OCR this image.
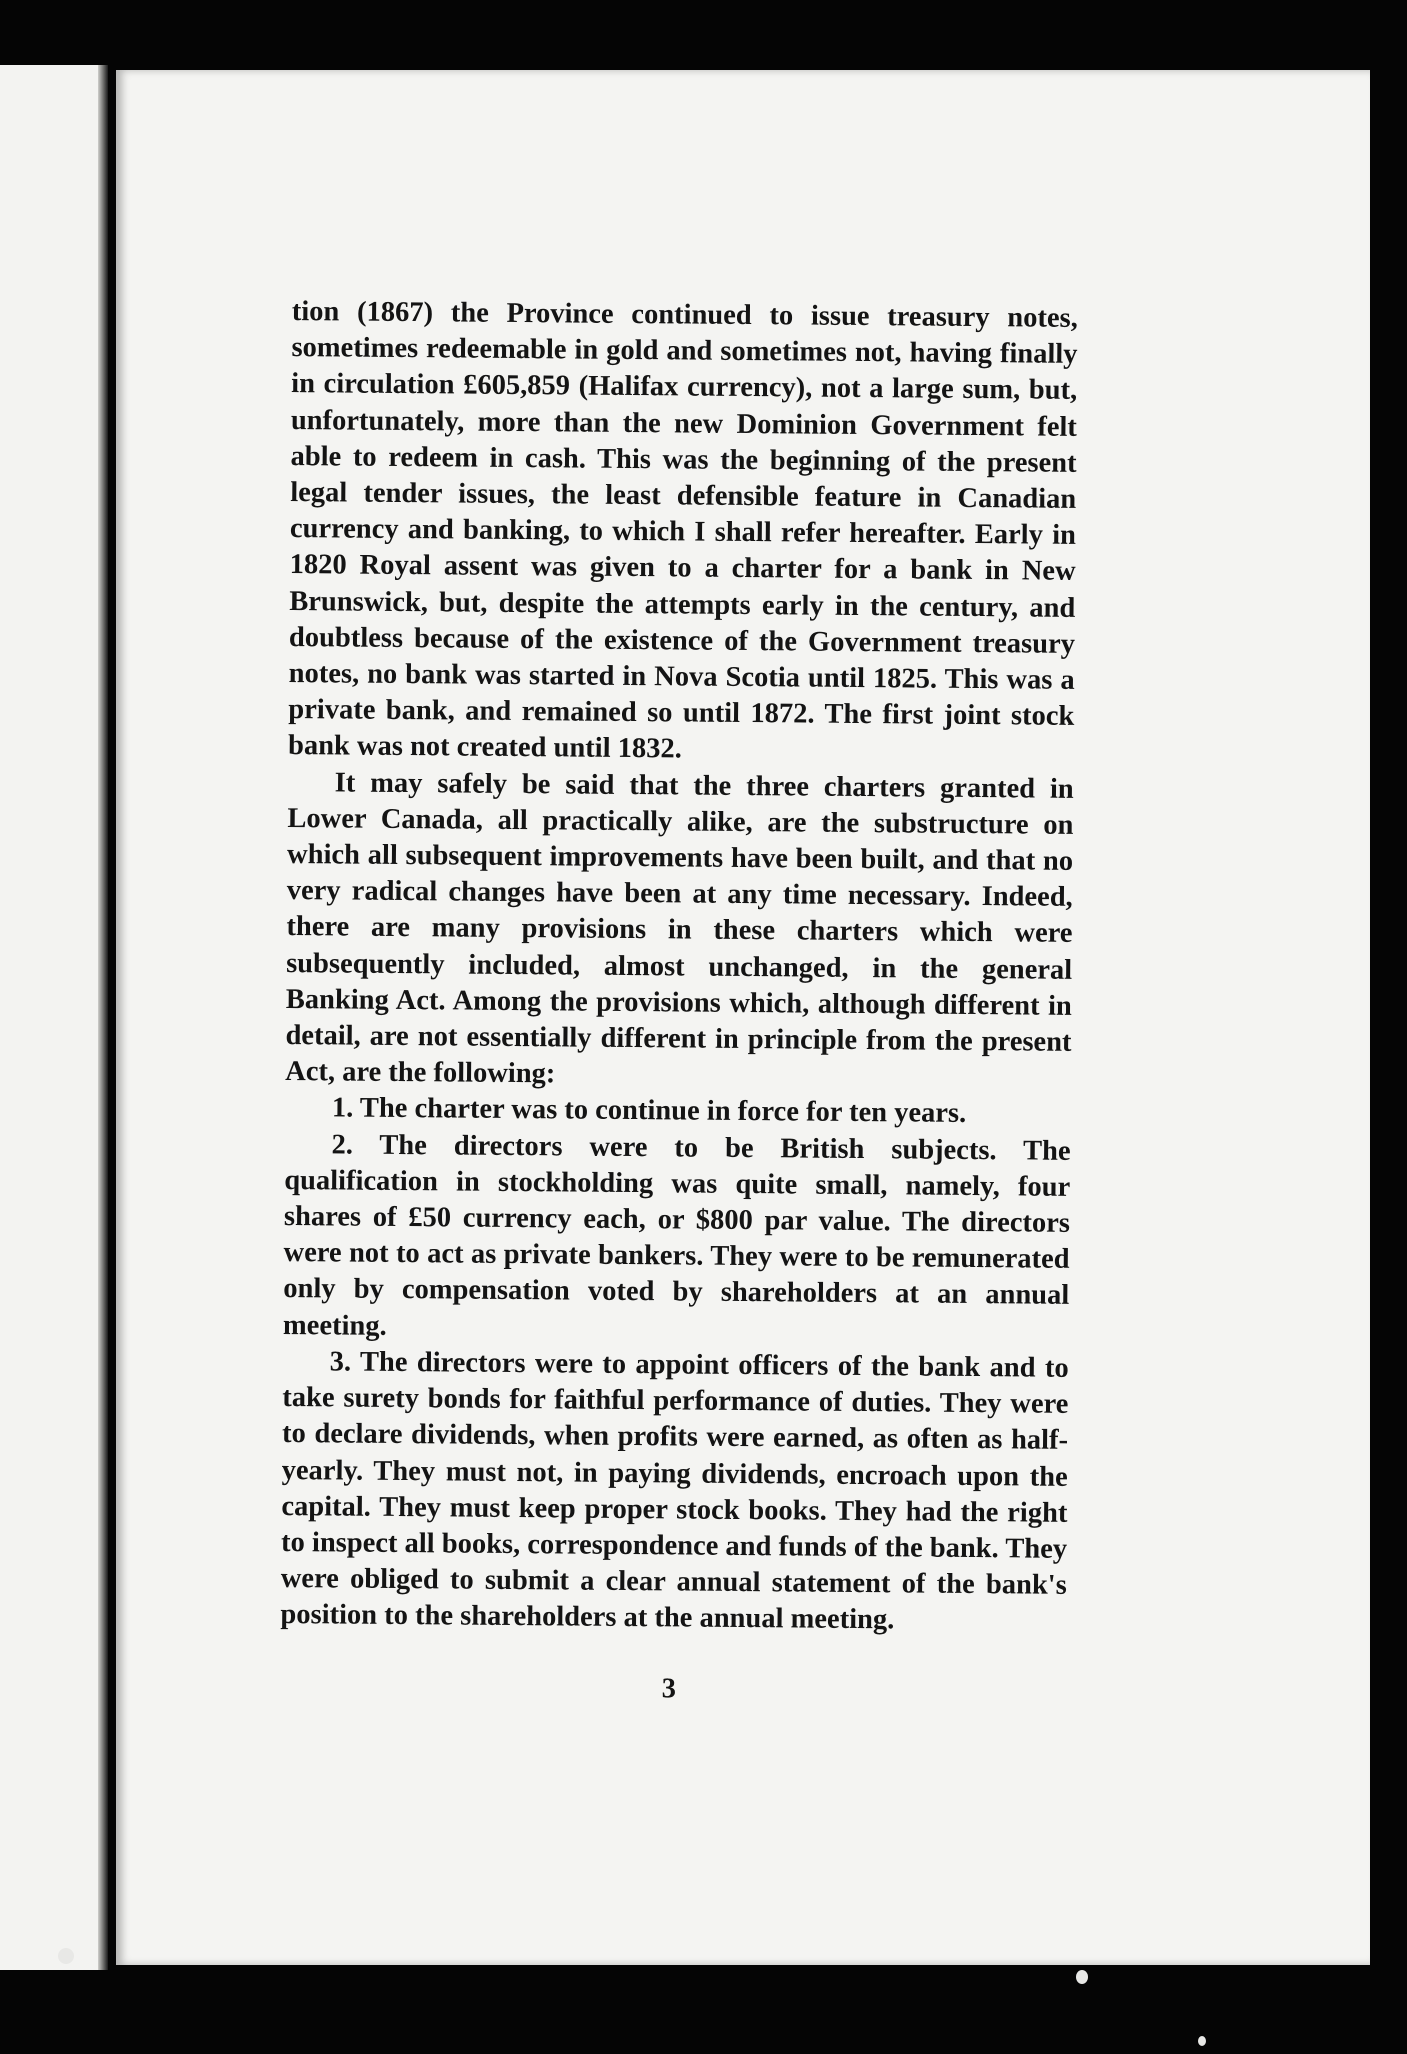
tion (1867) the Province continued to issue treasury notes, sometimes redeemable in gold and sometimes not, having finally in circulation £605,859 (Halifax currency), not a large sum, but, unfortunately, more than the new Dominion Government felt able to redeem in cash. This was the beginning of the present legal tender issues, the least defensible feature in Canadian currency and banking, to which I shall refer hereafter. Early in 1820 Royal assent was given to a charter for a bank in New Brunswick, but, despite the attempts early in the century, and doubtless because of the existence of the Government treasury notes, no bank was started in Nova Scotia until 1825. This was a private bank, and remained so until 1872. The first joint stock bank was not created until 1832.

It may safely be said that the three charters granted in Lower Canada, all practically alike, are the substructure on which all subsequent improvements have been built, and that no very radical changes have been at any time necessary. Indeed, there are many provisions in these charters which were subsequently included, almost unchanged, in the general Banking Act. Among the provisions which, although different in detail, are not essentially different in principle from the present Act, are the following:

1. The charter was to continue in force for ten years.

2. The directors were to be British subjects. The qualification in stockholding was quite small, namely, four shares of £50 currency each, or $800 par value. The directors were not to act as private bankers. They were to be remunerated only by compensation voted by shareholders at an annual meeting.

3. The directors were to appoint officers of the bank and to take surety bonds for faithful performance of duties. They were to declare dividends, when profits were earned, as often as half-yearly. They must not, in paying dividends, encroach upon the capital. They must keep proper stock books. They had the right to inspect all books, correspondence and funds of the bank. They were obliged to submit a clear annual statement of the bank's position to the shareholders at the annual meeting.

3
